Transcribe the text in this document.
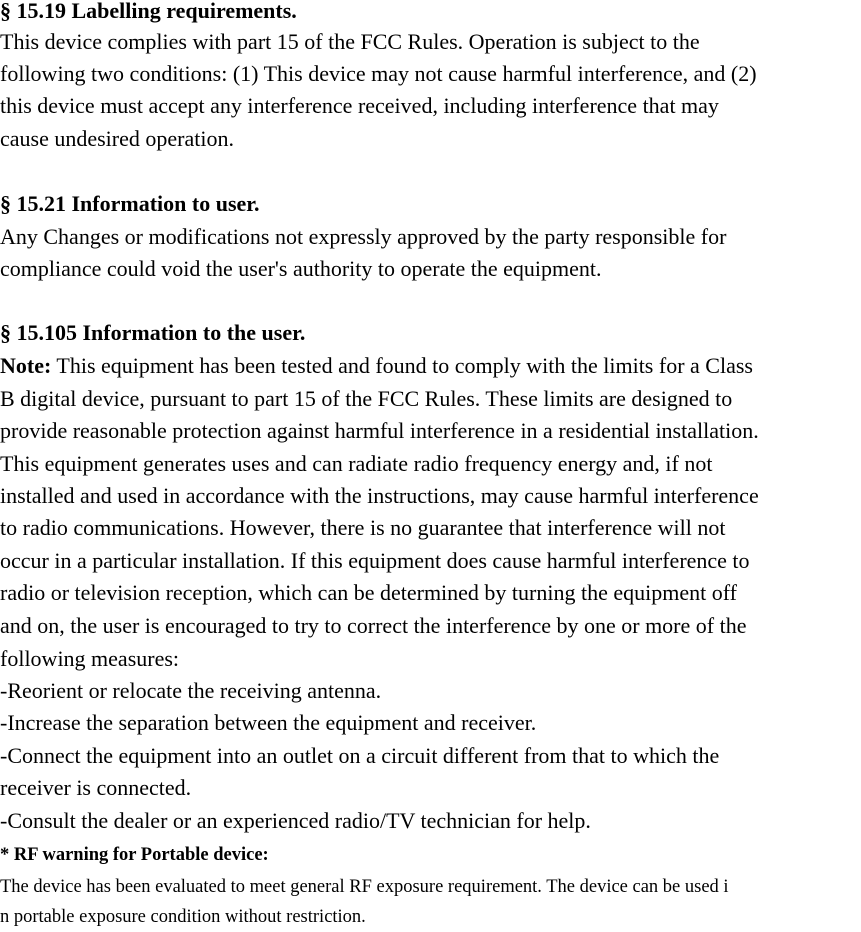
§ 15.19 Labelling requirements.
This device complies with part 15 of the FCC Rules. Operation is subject to the
following two conditions: (1) This device may not cause harmful interference, and (2)
this device must accept any interference received, including interference that may
cause undesired operation.
§ 15.21 Information to user.
Any Changes or modifications not expressly approved by the party responsible for
compliance could void the user's authority to operate the equipment.
§ 15.105 Information to the user.
Note: This equipment has been tested and found to comply with the limits for a Class
B digital device, pursuant to part 15 of the FCC Rules. These limits are designed to
provide reasonable protection against harmful interference in a residential installation.
This equipment generates uses and can radiate radio frequency energy and, if not
installed and used in accordance with the instructions, may cause harmful interference
to radio communications. However, there is no guarantee that interference will not
occur in a particular installation. If this equipment does cause harmful interference to
radio or television reception, which can be determined by turning the equipment off
and on, the user is encouraged to try to correct the interference by one or more of the
following measures:
-Reorient or relocate the receiving antenna.
-Increase the separation between the equipment and receiver.
-Connect the equipment into an outlet on a circuit different from that to which the
receiver is connected.
-Consult the dealer or an experienced radio/TV technician for help.
* RF warning for Portable device:
The device has been evaluated to meet general RF exposure requirement. The device can be used i
n portable exposure condition without restriction.
